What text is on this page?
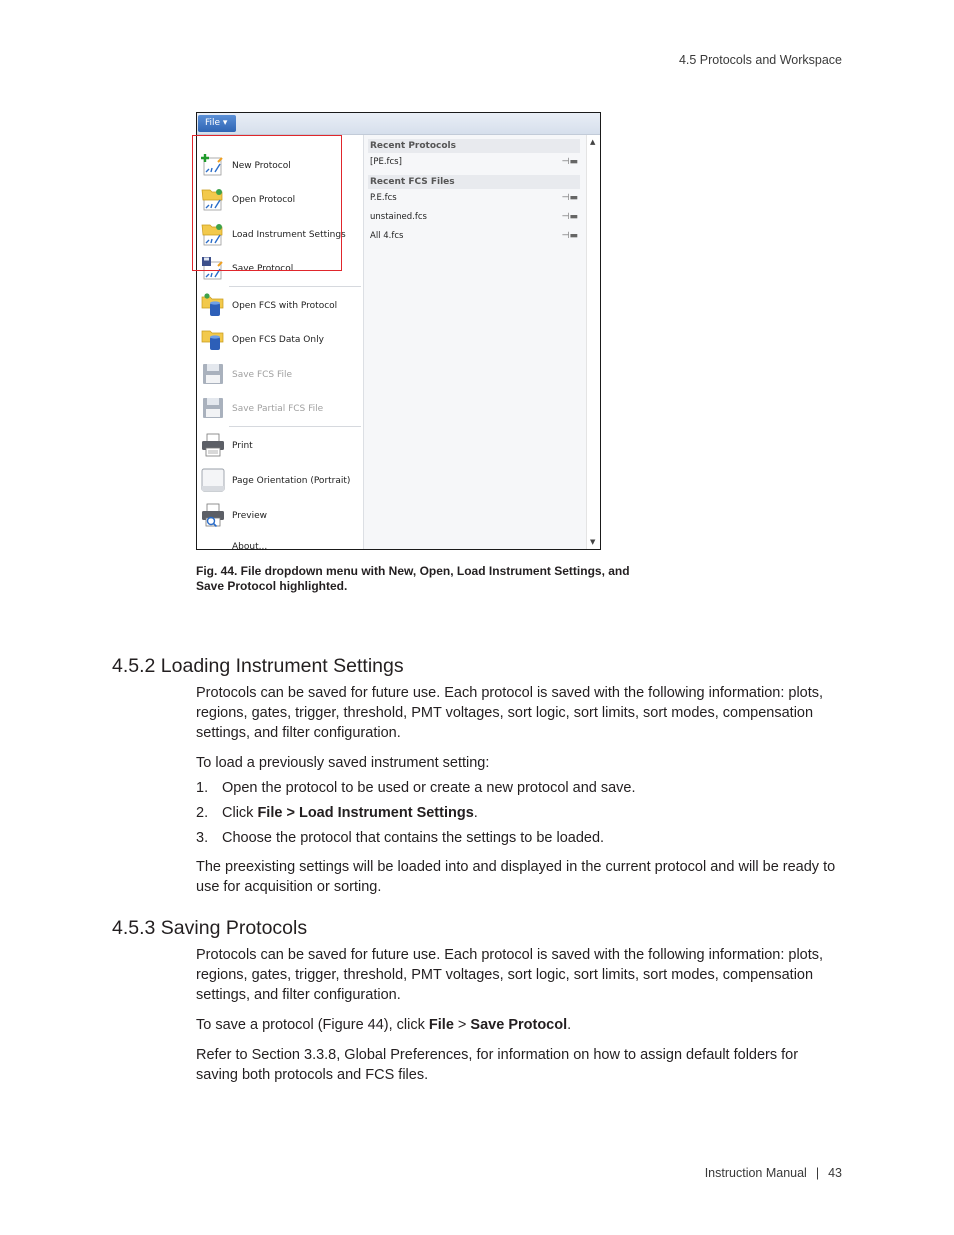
4.5 Protocols and Workspace
File ▾
New Protocol
Open Protocol
Load Instrument Settings
Save Protocol
Open FCS with Protocol
Open FCS Data Only
Save FCS File
Save Partial FCS File
Print
Page Orientation (Portrait)
Preview
About...
Recent Protocols
[PE.fcs]	⊣▬
Recent FCS Files
P.E.fcs	⊣▬
unstained.fcs	⊣▬
All 4.fcs	⊣▬
▲
▼
Fig. 44. File dropdown menu with New, Open, Load Instrument Settings, and Save Protocol highlighted.
4.5.2 Loading Instrument Settings

Protocols can be saved for future use. Each protocol is saved with the following information: plots, regions, gates, trigger, threshold, PMT voltages, sort logic, sort limits, sort modes, compensation settings, and filter configuration.

To load a previously saved instrument setting:

1. Open the protocol to be used or create a new protocol and save.
2. Click File > Load Instrument Settings.
3. Choose the protocol that contains the settings to be loaded.

The preexisting settings will be loaded into and displayed in the current protocol and will be ready to use for acquisition or sorting.

4.5.3 Saving Protocols

Protocols can be saved for future use. Each protocol is saved with the following information: plots, regions, gates, trigger, threshold, PMT voltages, sort logic, sort limits, sort modes, compensation settings, and filter configuration.

To save a protocol (Figure 44), click File > Save Protocol.

Refer to Section 3.3.8, Global Preferences, for information on how to assign default folders for saving both protocols and FCS files.

Instruction Manual | 43
